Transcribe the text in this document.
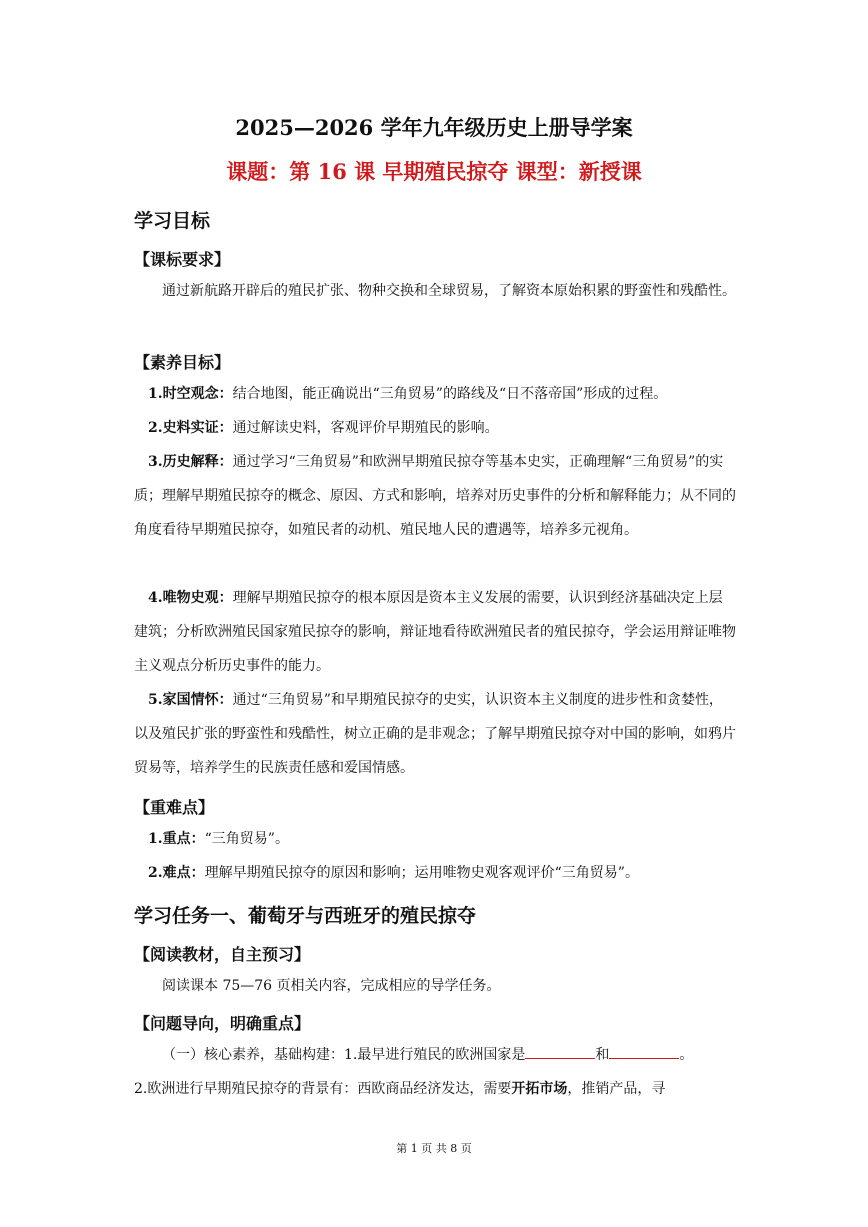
2025—2026 学年九年级历史上册导学案
课题：第 16 课 早期殖民掠夺 课型：新授课
学习目标
【课标要求】
通过新航路开辟后的殖民扩张、物种交换和全球贸易，了解资本原始积累的野蛮性和残酷性。
【素养目标】
1.时空观念：结合地图，能正确说出“三角贸易”的路线及“日不落帝国”形成的过程。
2.史料实证：通过解读史料，客观评价早期殖民的影响。
3.历史解释：通过学习“三角贸易”和欧洲早期殖民掠夺等基本史实，正确理解“三角贸易”的实质；理解早期殖民掠夺的概念、原因、方式和影响，培养对历史事件的分析和解释能力；从不同的角度看待早期殖民掠夺，如殖民者的动机、殖民地人民的遭遇等，培养多元视角。
4.唯物史观：理解早期殖民掠夺的根本原因是资本主义发展的需要，认识到经济基础决定上层建筑；分析欧洲殖民国家殖民掠夺的影响，辩证地看待欧洲殖民者的殖民掠夺，学会运用辩证唯物主义观点分析历史事件的能力。
5.家国情怀：通过“三角贸易”和早期殖民掠夺的史实，认识资本主义制度的进步性和贪婪性，以及殖民扩张的野蛮性和残酷性，树立正确的是非观念；了解早期殖民掠夺对中国的影响，如鸦片贸易等，培养学生的民族责任感和爱国情感。
【重难点】
1.重点：“三角贸易”。
2.难点：理解早期殖民掠夺的原因和影响；运用唯物史观客观评价“三角贸易”。
学习任务一、葡萄牙与西班牙的殖民掠夺
【阅读教材，自主预习】
阅读课本 75—76 页相关内容，完成相应的导学任务。
【问题导向，明确重点】
（一）核心素养，基础构建：1.最早进行殖民的欧洲国家是	和	。
2.欧洲进行早期殖民掠夺的背景有：西欧商品经济发达，需要开拓市场，推销产品，寻
第 1 页 共 8 页
